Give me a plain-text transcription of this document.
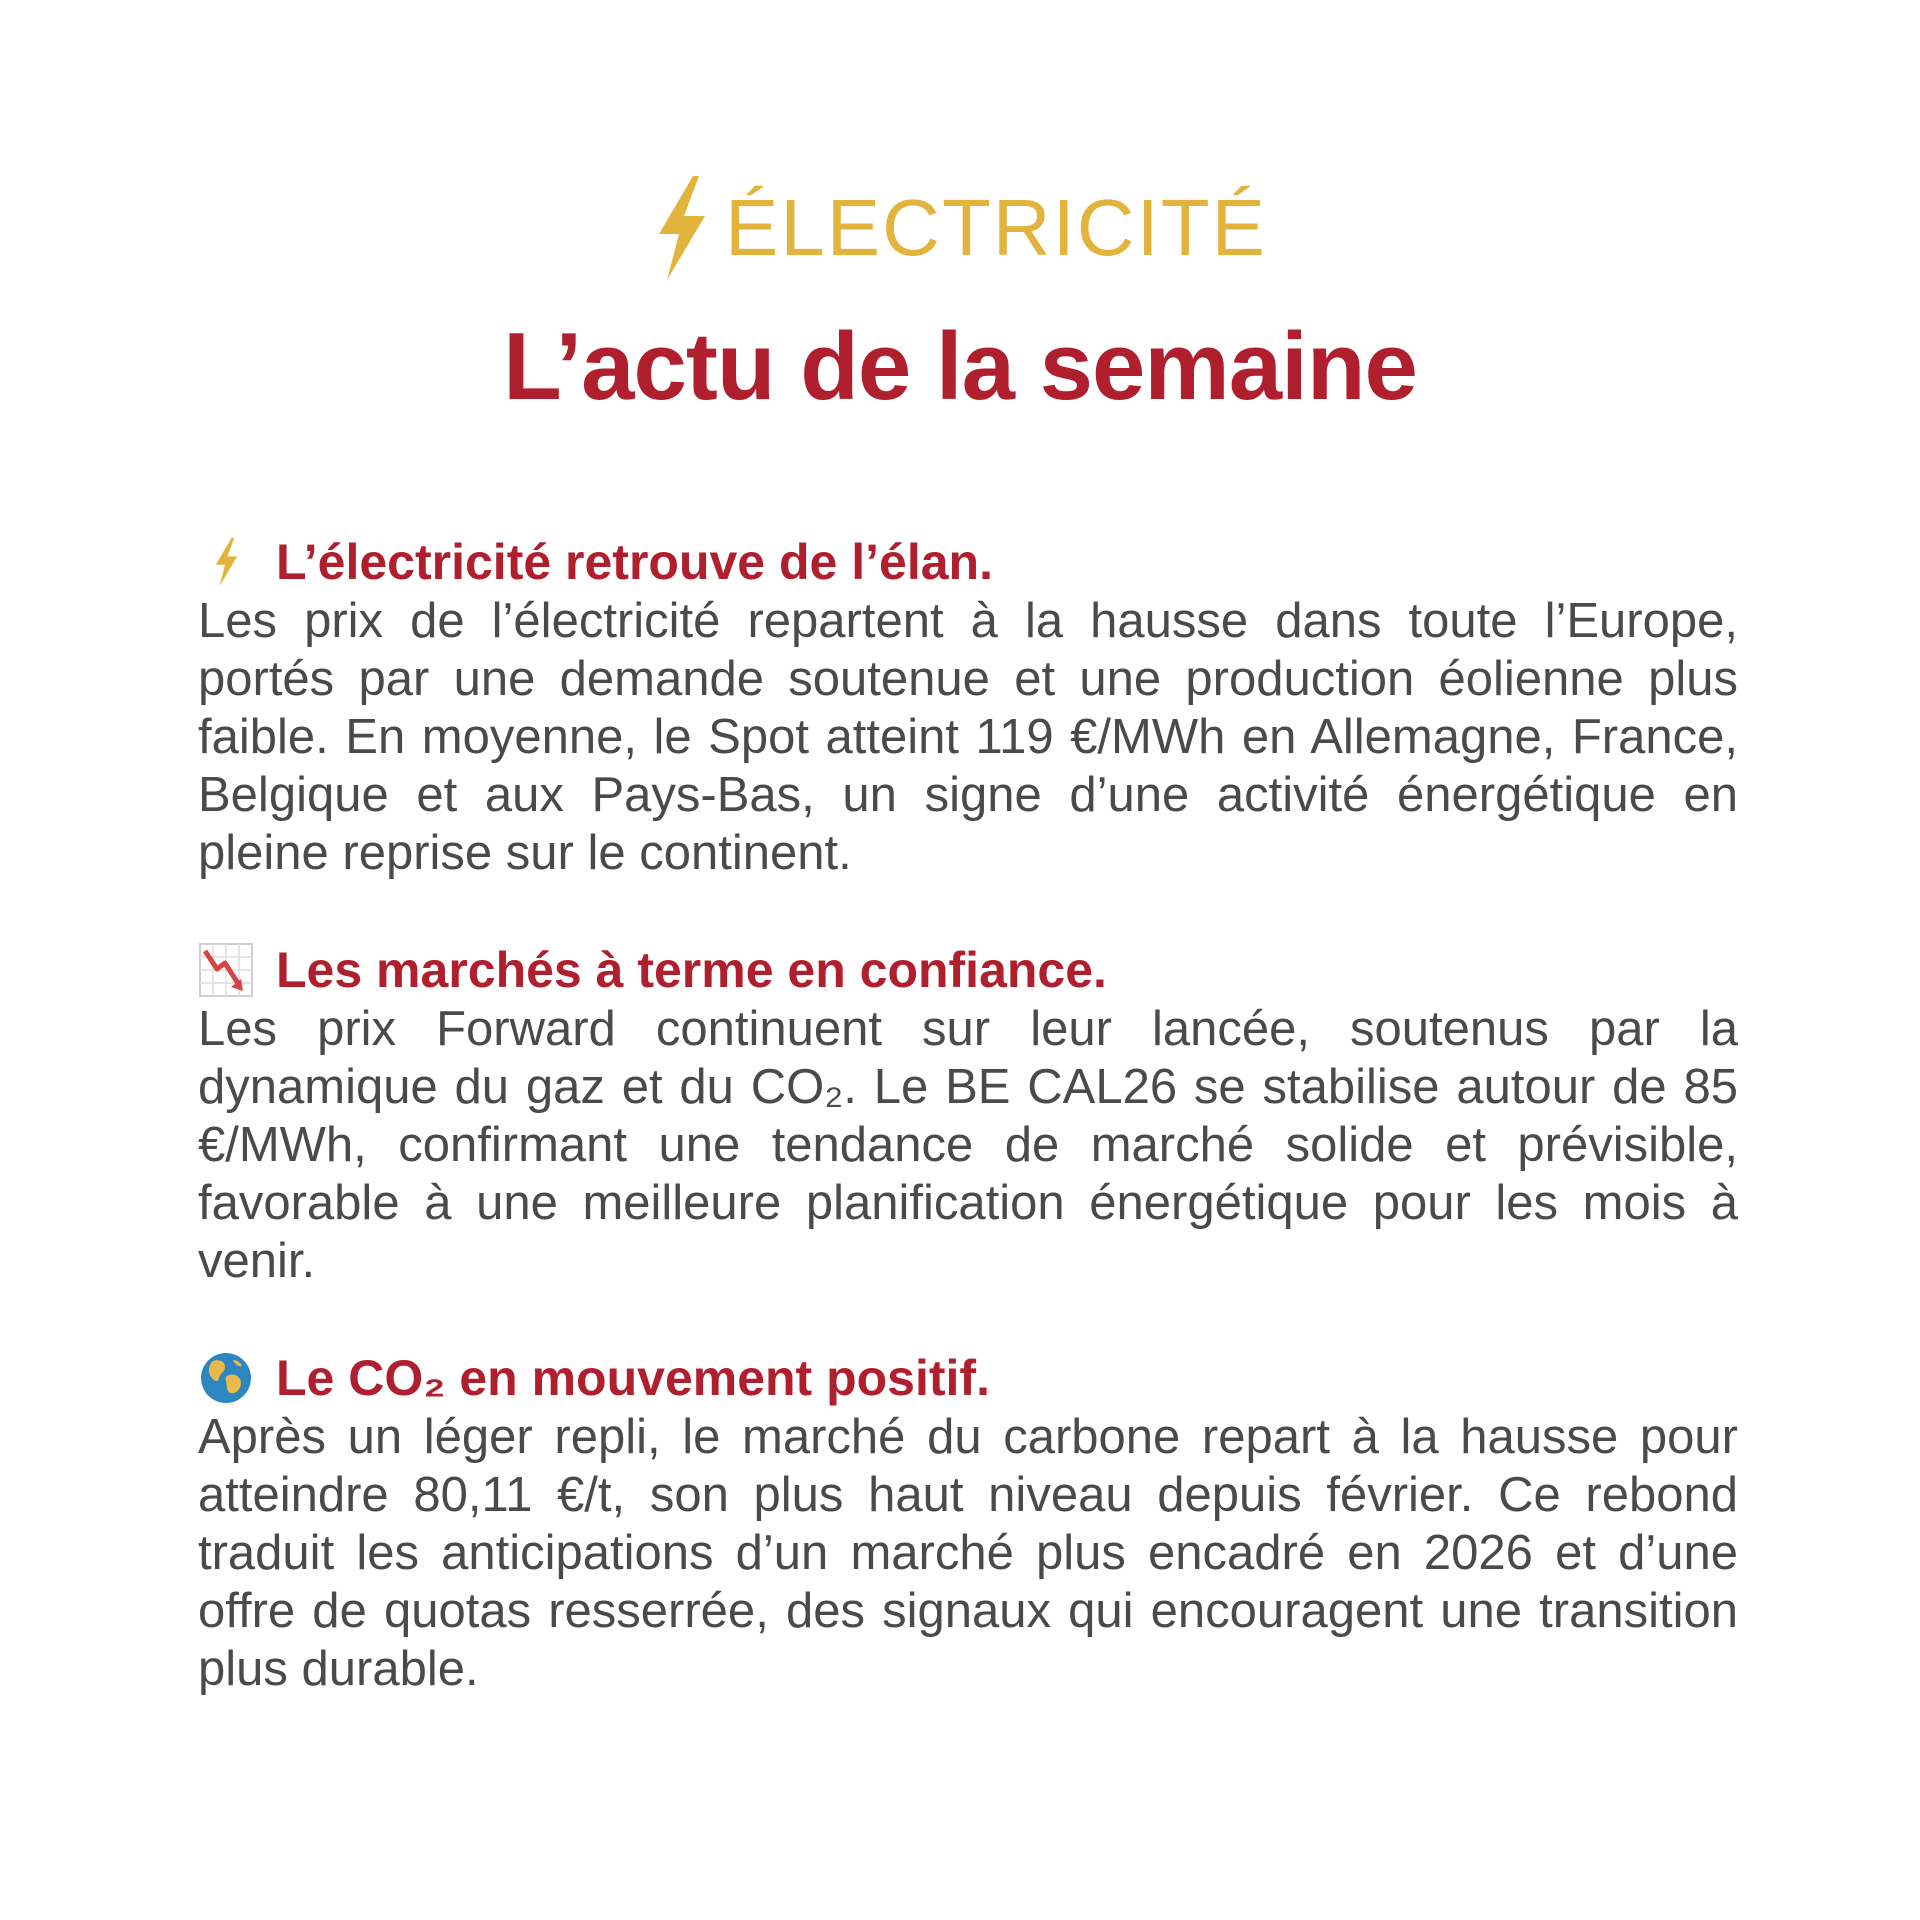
ÉLECTRICITÉ
L’actu de la semaine
L’électricité retrouve de l’élan.

Les prix de l’électricité repartent à la hausse dans toute l’Europe, portés par une demande soutenue et une production éolienne plus faible. En moyenne, le Spot atteint 119 €/MWh en Allemagne, France, Belgique et aux Pays-Bas, un signe d’une activité énergétique en pleine reprise sur le continent.

Les marchés à terme en confiance.

Les prix Forward continuent sur leur lancée, soutenus par la dynamique du gaz et du CO₂. Le BE CAL26 se stabilise autour de 85 €/MWh, confirmant une tendance de marché solide et prévisible, favorable à une meilleure planification énergétique pour les mois à venir.

Le CO₂ en mouvement positif.

Après un léger repli, le marché du carbone repart à la hausse pour atteindre 80,11 €/t, son plus haut niveau depuis février. Ce rebond traduit les anticipations d’un marché plus encadré en 2026 et d’une offre de quotas resserrée, des signaux qui encouragent une transition plus durable.
